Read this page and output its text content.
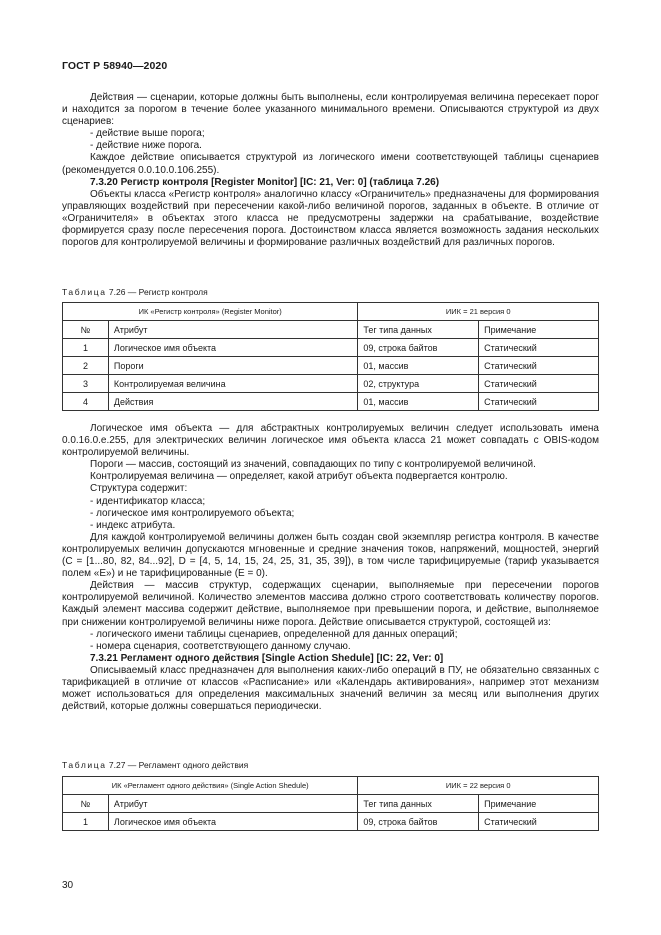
ГОСТ Р 58940—2020
Действия — сценарии, которые должны быть выполнены, если контролируемая величина пересекает порог и находится за порогом в течение более указанного минимального времени. Описываются структурой из двух сценариев:
- действие выше порога;
- действие ниже порога.
Каждое действие описывается структурой из логического имени соответствующей таблицы сценариев (рекомендуется 0.0.10.0.106.255).
7.3.20 Регистр контроля [Register Monitor] [IC: 21, Ver: 0] (таблица 7.26)
Объекты класса «Регистр контроля» аналогично классу «Ограничитель» предназначены для формирования управляющих воздействий при пересечении какой-либо величиной порогов, заданных в объекте. В отличие от «Ограничителя» в объектах этого класса не предусмотрены задержки на срабатывание, воздействие формируется сразу после пересечения порога. Достоинством класса является возможность задания нескольких порогов для контролируемой величины и формирование различных воздействий для различных порогов.
Таблица 7.26 — Регистр контроля
ИК «Регистр контроля» (Register Monitor)		ИИК = 21 версия 0	
№	Атрибут	Тег типа данных	Примечание
1	Логическое имя объекта	09, строка байтов	Статический
2	Пороги	01, массив	Статический
3	Контролируемая величина	02, структура	Статический
4	Действия	01, массив	Статический
Логическое имя объекта — для абстрактных контролируемых величин следует использовать имена 0.0.16.0.e.255, для электрических величин логическое имя объекта класса 21 может совпадать с OBIS-кодом контролируемой величины.
Пороги — массив, состоящий из значений, совпадающих по типу с контролируемой величиной.
Контролируемая величина — определяет, какой атрибут объекта подвергается контролю.
Структура содержит:
- идентификатор класса;
- логическое имя контролируемого объекта;
- индекс атрибута.
Для каждой контролируемой величины должен быть создан свой экземпляр регистра контроля. В качестве контролируемых величин допускаются мгновенные и средние значения токов, напряжений, мощностей, энергий (C = [1...80, 82, 84...92], D = [4, 5, 14, 15, 24, 25, 31, 35, 39]), в том числе тарифицируемые (тариф указывается полем «E») и не тарифицированные (E = 0).
Действия — массив структур, содержащих сценарии, выполняемые при пересечении порогов контролируемой величиной. Количество элементов массива должно строго соответствовать количеству порогов. Каждый элемент массива содержит действие, выполняемое при превышении порога, и действие, выполняемое при снижении контролируемой величины ниже порога. Действие описывается структурой, состоящей из:
- логического имени таблицы сценариев, определенной для данных операций;
- номера сценария, соответствующего данному случаю.
7.3.21 Регламент одного действия [Single Action Shedule] [IC: 22, Ver: 0]
Описываемый класс предназначен для выполнения каких-либо операций в ПУ, не обязательно связанных с тарификацией в отличие от классов «Расписание» или «Календарь активирования», например этот механизм может использоваться для определения максимальных значений величин за месяц или выполнения других действий, которые должны совершаться периодически.
Таблица 7.27 — Регламент одного действия
ИК «Регламент одного действия» (Single Action Shedule)		ИИК = 22 версия 0	
№	Атрибут	Тег типа данных	Примечание
1	Логическое имя объекта	09, строка байтов	Статический
30
